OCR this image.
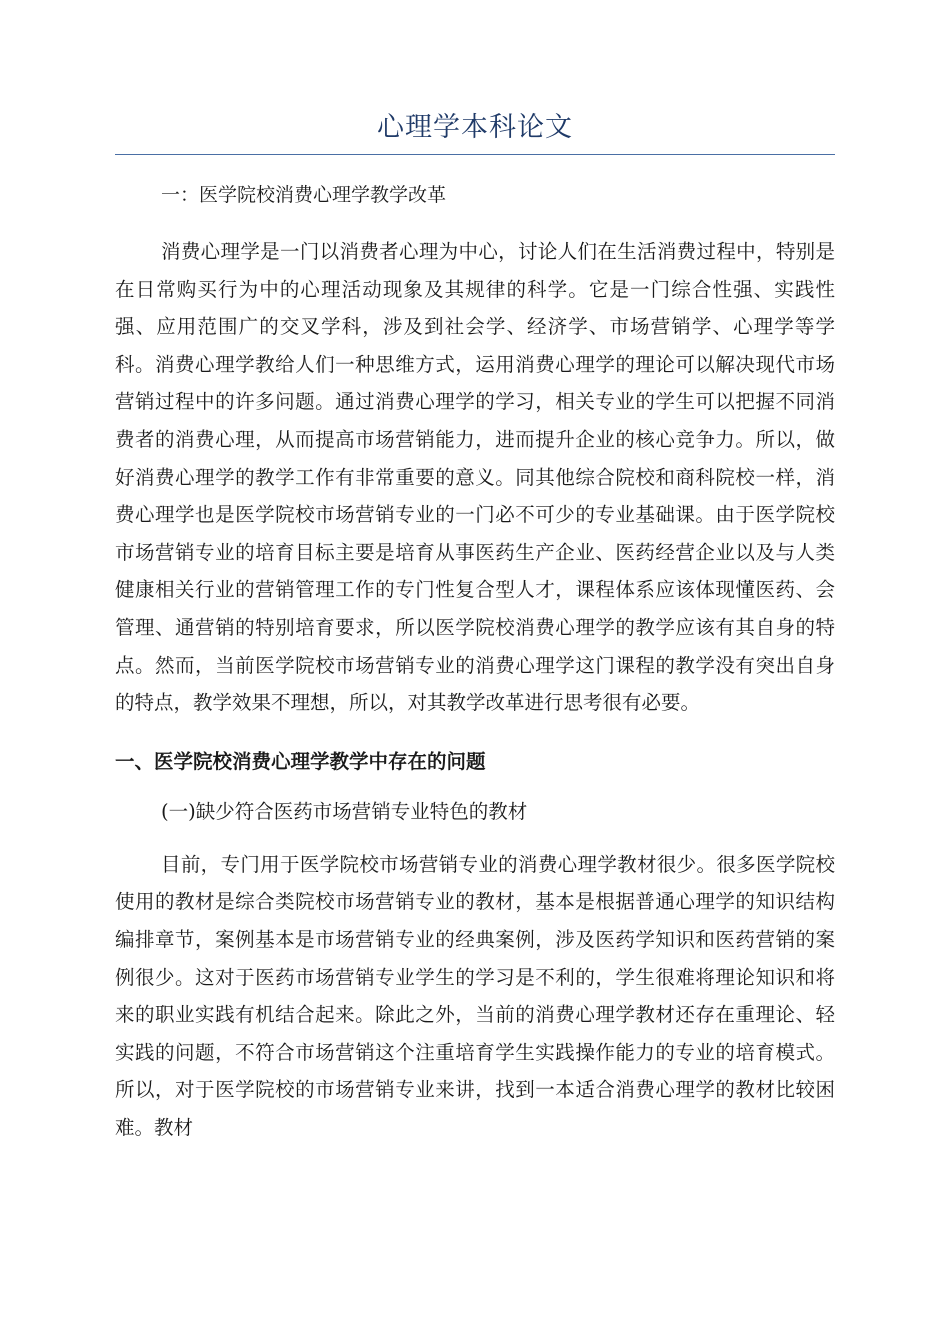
心理学本科论文

一：医学院校消费心理学教学改革

消费心理学是一门以消费者心理为中心，讨论人们在生活消费过程中，特别是在日常购买行为中的心理活动现象及其规律的科学。它是一门综合性强、实践性强、应用范围广的交叉学科，涉及到社会学、经济学、市场营销学、心理学等学科。消费心理学教给人们一种思维方式，运用消费心理学的理论可以解决现代市场营销过程中的许多问题。通过消费心理学的学习，相关专业的学生可以把握不同消费者的消费心理，从而提高市场营销能力，进而提升企业的核心竞争力。所以，做好消费心理学的教学工作有非常重要的意义。同其他综合院校和商科院校一样，消费心理学也是医学院校市场营销专业的一门必不可少的专业基础课。由于医学院校市场营销专业的培育目标主要是培育从事医药生产企业、医药经营企业以及与人类健康相关行业的营销管理工作的专门性复合型人才，课程体系应该体现懂医药、会管理、通营销的特别培育要求，所以医学院校消费心理学的教学应该有其自身的特点。然而，当前医学院校市场营销专业的消费心理学这门课程的教学没有突出自身的特点，教学效果不理想，所以，对其教学改革进行思考很有必要。

一、医学院校消费心理学教学中存在的问题

(一)缺少符合医药市场营销专业特色的教材

目前，专门用于医学院校市场营销专业的消费心理学教材很少。很多医学院校使用的教材是综合类院校市场营销专业的教材，基本是根据普通心理学的知识结构编排章节，案例基本是市场营销专业的经典案例，涉及医药学知识和医药营销的案例很少。这对于医药市场营销专业学生的学习是不利的，学生很难将理论知识和将来的职业实践有机结合起来。除此之外，当前的消费心理学教材还存在重理论、轻实践的问题，不符合市场营销这个注重培育学生实践操作能力的专业的培育模式。所以，对于医学院校的市场营销专业来讲，找到一本适合消费心理学的教材比较困难。教材
